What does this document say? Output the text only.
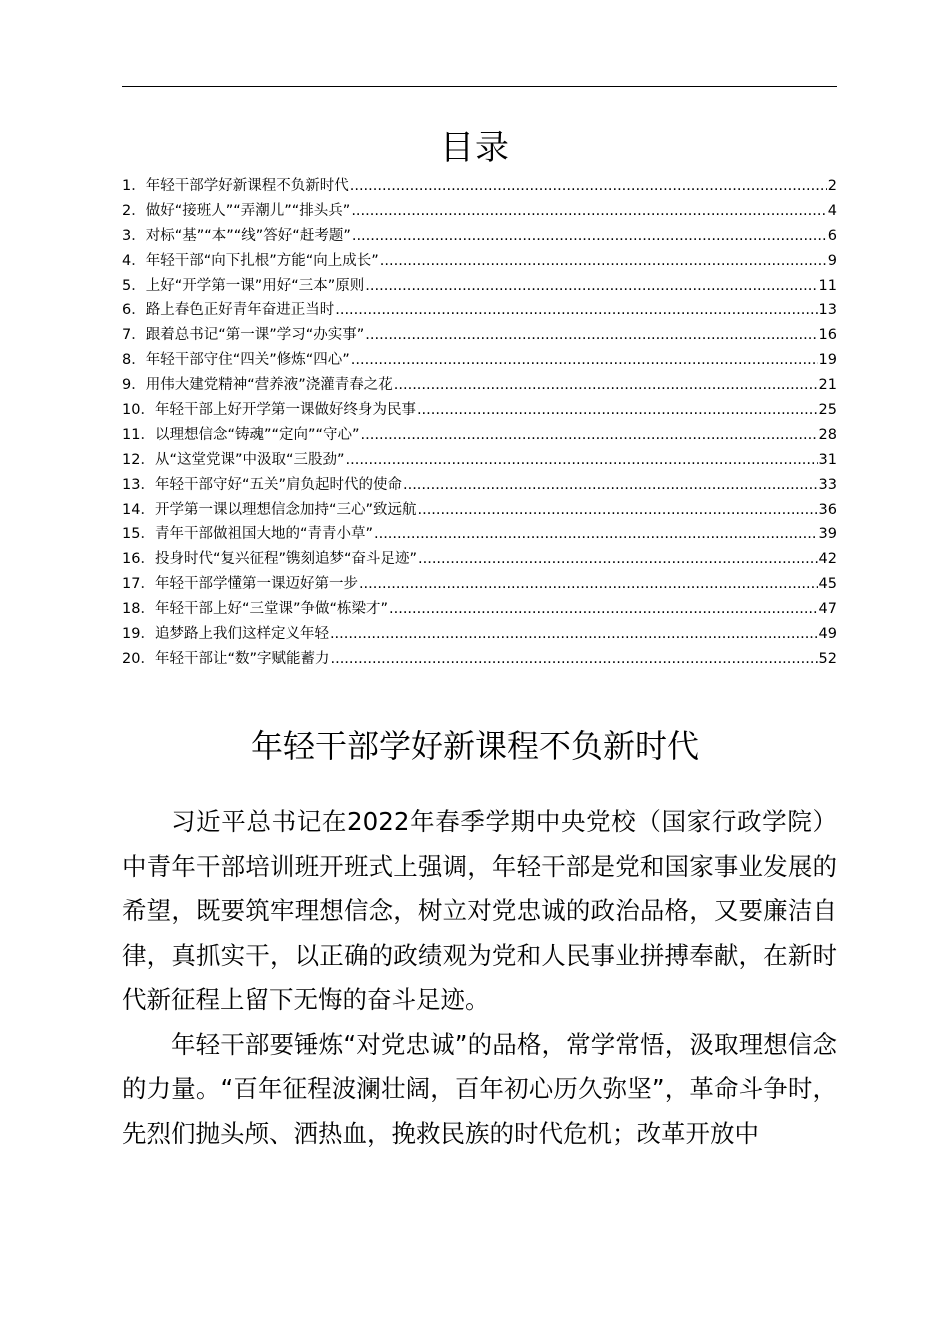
目录
1． 年轻干部学好新课程不负新时代 .....	2
2． 做好“接班人”“弄潮儿”“排头兵” .....	4
3． 对标“基”“本”“线”答好“赶考题” .....	6
4． 年轻干部“向下扎根”方能“向上成长” .....	9
5． 上好“开学第一课”用好“三本”原则 .....	11
6． 路上春色正好青年奋进正当时 .....	13
7． 跟着总书记“第一课”学习“办实事” .....	16
8． 年轻干部守住“四关”修炼“四心” .....	19
9． 用伟大建党精神“营养液”浇灌青春之花 .....	21
10． 年轻干部上好开学第一课做好终身为民事 .....	25
11． 以理想信念“铸魂”“定向”“守心” .....	28
12． 从“这堂党课”中汲取“三股劲” .....	31
13． 年轻干部守好“五关”肩负起时代的使命 .....	33
14． 开学第一课以理想信念加持“三心”致远航 .....	36
15． 青年干部做祖国大地的“青青小草” .....	39
16． 投身时代“复兴征程”镌刻追梦“奋斗足迹” .....	42
17． 年轻干部学懂第一课迈好第一步 .....	45
18． 年轻干部上好“三堂课”争做“栋梁才” .....	47
19． 追梦路上我们这样定义年轻 .....	49
20． 年轻干部让“数”字赋能蓄力 .....	52
年轻干部学好新课程不负新时代

习近平总书记在2022年春季学期中央党校（国家行政学院）中青年干部培训班开班式上强调，年轻干部是党和国家事业发展的希望，既要筑牢理想信念，树立对党忠诚的政治品格，又要廉洁自律，真抓实干，以正确的政绩观为党和人民事业拼搏奉献，在新时代新征程上留下无悔的奋斗足迹。

年轻干部要锤炼“对党忠诚”的品格，常学常悟，汲取理想信念的力量。“百年征程波澜壮阔，百年初心历久弥坚”，革命斗争时，先烈们抛头颅、洒热血，挽救民族的时代危机；改革开放中
